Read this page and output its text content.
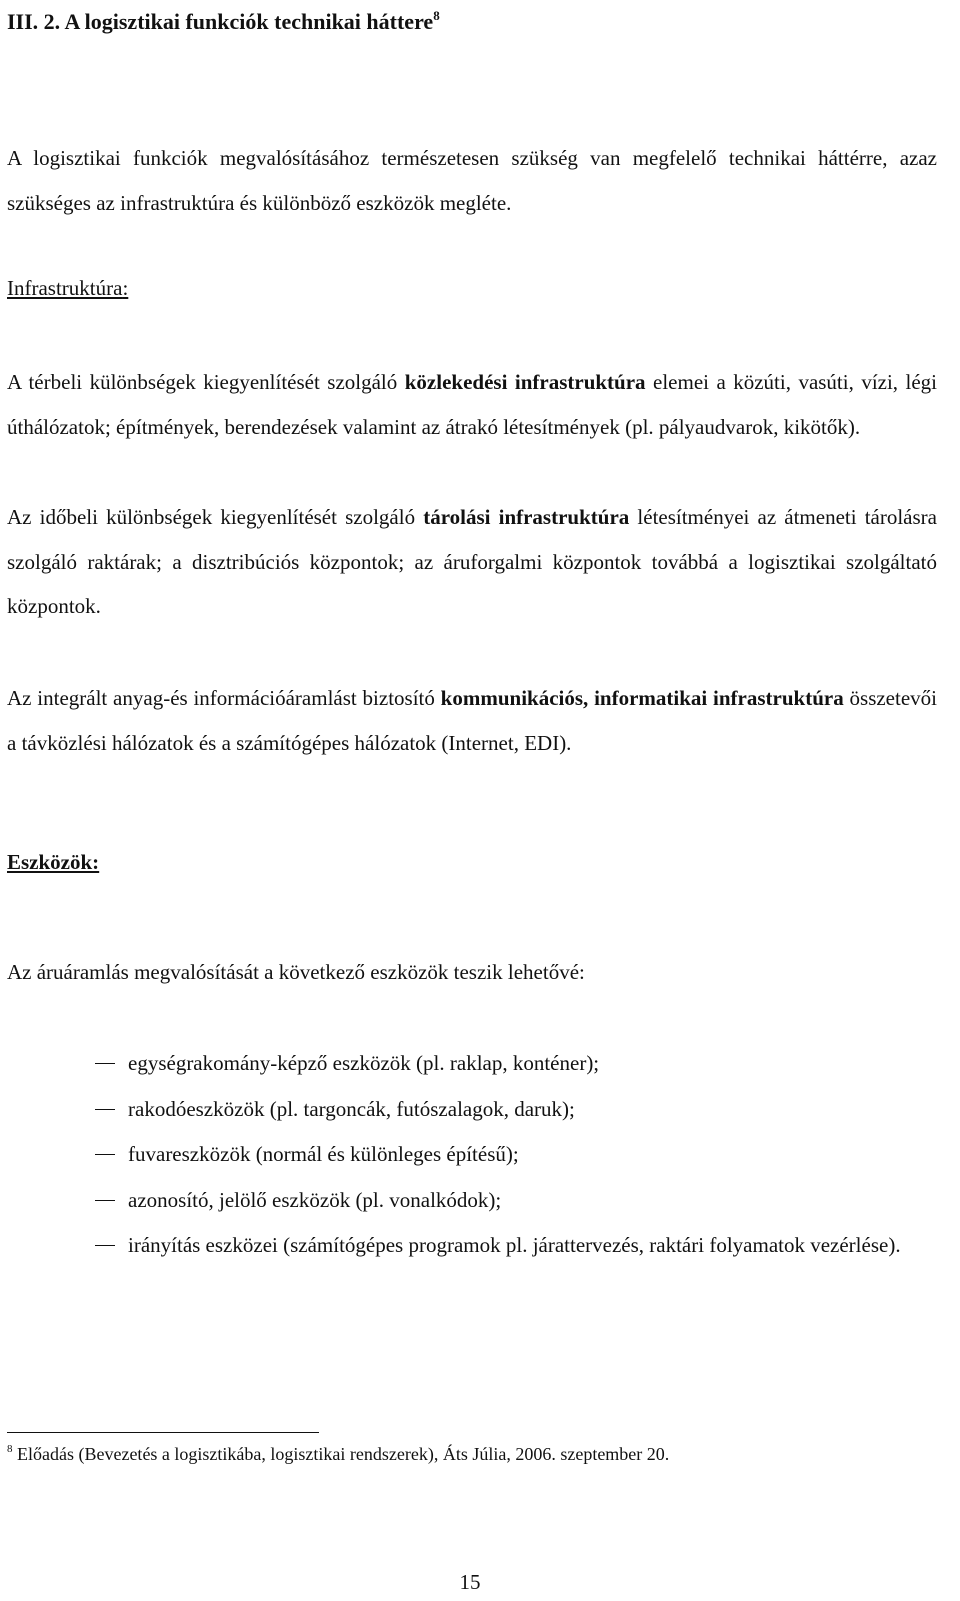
III. 2. A logisztikai funkciók technikai háttere$^8$
A logisztikai funkciók megvalósításához természetesen szükség van megfelelő technikai háttérre, azaz szükséges az infrastruktúra és különböző eszközök megléte.
Infrastruktúra:
A térbeli különbségek kiegyenlítését szolgáló közlekedési infrastruktúra elemei a közúti, vasúti, vízi, légi úthálózatok; építmények, berendezések valamint az átrakó létesítmények (pl. pályaudvarok, kikötők).
Az időbeli különbségek kiegyenlítését szolgáló tárolási infrastruktúra létesítményei az átmeneti tárolásra szolgáló raktárak; a disztribúciós központok; az áruforgalmi központok továbbá a logisztikai szolgáltató központok.
Az integrált anyag-és információáramlást biztosító kommunikációs, informatikai infrastruktúra összetevői a távközlési hálózatok és a számítógépes hálózatok (Internet, EDI).
Eszközök:
Az áruáramlás megvalósítását a következő eszközök teszik lehetővé:
egységrakomány-képző eszközök (pl. raklap, konténer);
rakodóeszközök (pl. targoncák, futószalagok, daruk);
fuvareszközök (normál és különleges építésű);
azonosító, jelölő eszközök (pl. vonalkódok);
irányítás eszközei (számítógépes programok pl. járattervezés, raktári folyamatok vezérlése).
$^8$ Előadás (Bevezetés a logisztikába, logisztikai rendszerek), Áts Júlia, 2006. szeptember 20.
15
